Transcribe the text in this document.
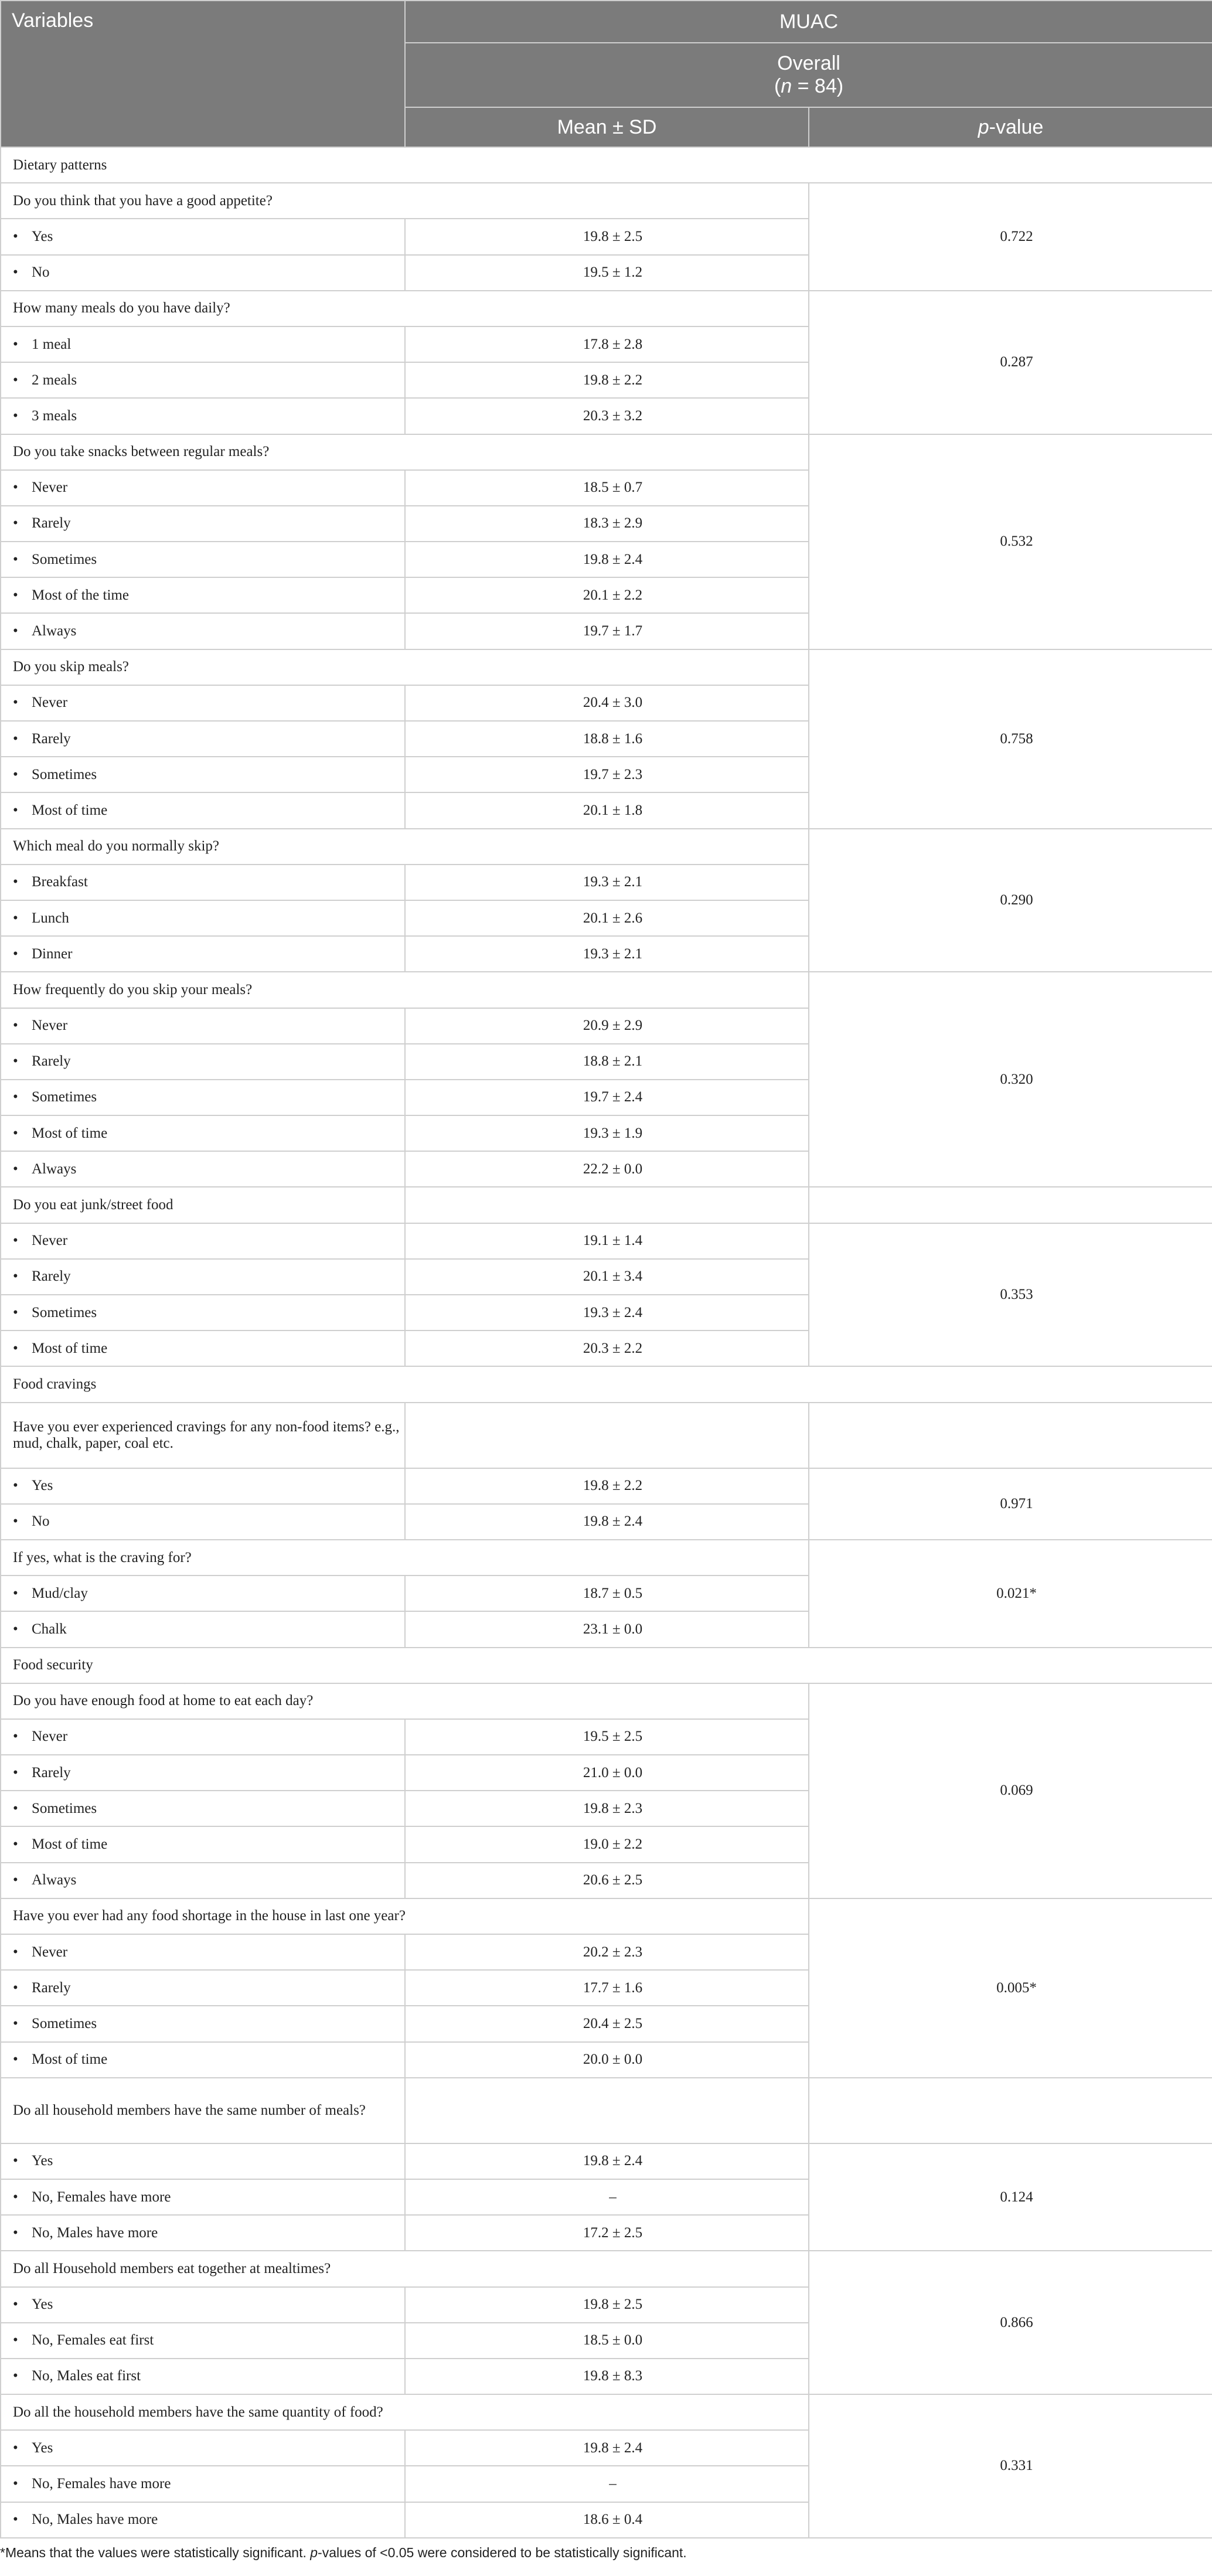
Variables	MUAC	

	Overall
(n = 84)	

	Mean ± SD	p-value
Dietary patterns		
Do you think that you have a good appetite?		0.722
• Yes	19.8 ± 2.5	
• No	19.5 ± 1.2	
How many meals do you have daily?		0.287
• 1 meal	17.8 ± 2.8	
• 2 meals	19.8 ± 2.2	
• 3 meals	20.3 ± 3.2	
Do you take snacks between regular meals?		0.532
• Never	18.5 ± 0.7	
• Rarely	18.3 ± 2.9	
• Sometimes	19.8 ± 2.4	
• Most of the time	20.1 ± 2.2	
• Always	19.7 ± 1.7	
Do you skip meals?		0.758
• Never	20.4 ± 3.0	
• Rarely	18.8 ± 1.6	
• Sometimes	19.7 ± 2.3	
• Most of time	20.1 ± 1.8	
Which meal do you normally skip?		0.290
• Breakfast	19.3 ± 2.1	
• Lunch	20.1 ± 2.6	
• Dinner	19.3 ± 2.1	
How frequently do you skip your meals?		0.320
• Never	20.9 ± 2.9	
• Rarely	18.8 ± 2.1	
• Sometimes	19.7 ± 2.4	
• Most of time	19.3 ± 1.9	
• Always	22.2 ± 0.0	
Do you eat junk/street food		
• Never	19.1 ± 1.4	0.353
• Rarely	20.1 ± 3.4	
• Sometimes	19.3 ± 2.4	
• Most of time	20.3 ± 2.2	
Food cravings		
Have you ever experienced cravings for any non-food items? e.g., mud, chalk, paper, coal etc.		
• Yes	19.8 ± 2.2	0.971
• No	19.8 ± 2.4	
If yes, what is the craving for?		0.021*
• Mud/clay	18.7 ± 0.5	
• Chalk	23.1 ± 0.0	
Food security		
Do you have enough food at home to eat each day?		0.069
• Never	19.5 ± 2.5	
• Rarely	21.0 ± 0.0	
• Sometimes	19.8 ± 2.3	
• Most of time	19.0 ± 2.2	
• Always	20.6 ± 2.5	
Have you ever had any food shortage in the house in last one year?		0.005*
• Never	20.2 ± 2.3	
• Rarely	17.7 ± 1.6	
• Sometimes	20.4 ± 2.5	
• Most of time	20.0 ± 0.0	
Do all household members have the same number of meals?		
• Yes	19.8 ± 2.4	0.124
• No, Females have more	–	
• No, Males have more	17.2 ± 2.5	
Do all Household members eat together at mealtimes?		0.866
• Yes	19.8 ± 2.5	
• No, Females eat first	18.5 ± 0.0	
• No, Males eat first	19.8 ± 8.3	
Do all the household members have the same quantity of food?		0.331
• Yes	19.8 ± 2.4	
• No, Females have more	–	
• No, Males have more	18.6 ± 0.4	
*Means that the values were statistically significant. p-values of <0.05 were considered to be statistically significant.
